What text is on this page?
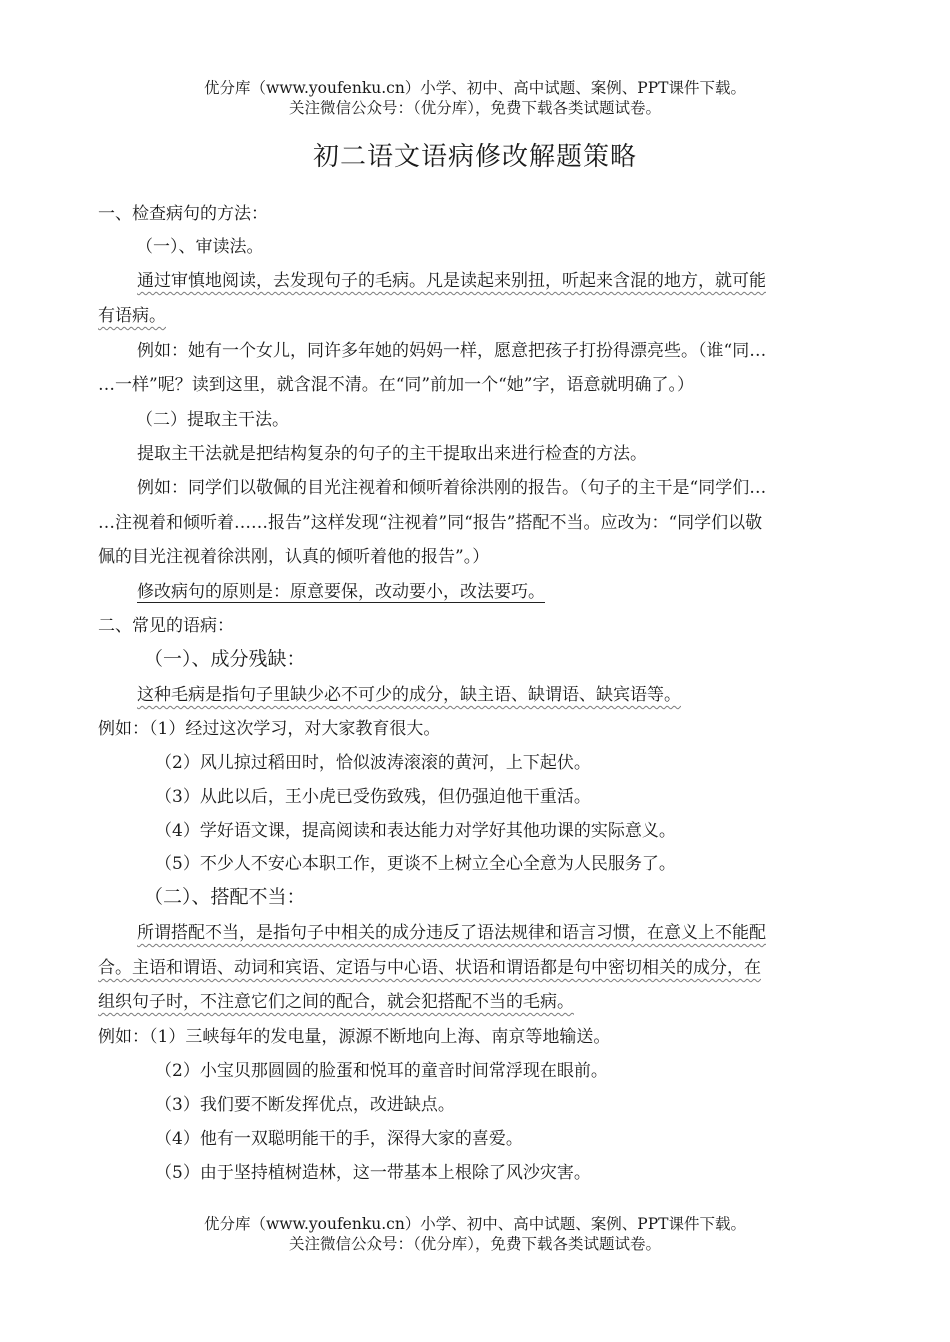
优分库（www.youfenku.cn）小学、初中、高中试题、案例、PPT课件下载。
关注微信公众号：（优分库），免费下载各类试题试卷。
初二语文语病修改解题策略
一、检查病句的方法：
（一）、审读法。
通过审慎地阅读，去发现句子的毛病。凡是读起来别扭，听起来含混的地方，就可能
有语病。
例如：她有一个女儿，同许多年她的妈妈一样，愿意把孩子打扮得漂亮些。（谁“同…
…一样”呢？读到这里，就含混不清。在“同”前加一个“她”字，语意就明确了。）
（二）提取主干法。
提取主干法就是把结构复杂的句子的主干提取出来进行检查的方法。
例如：同学们以敬佩的目光注视着和倾听着徐洪刚的报告。（句子的主干是“同学们…
…注视着和倾听着……报告”这样发现“注视着”同“报告”搭配不当。应改为：“同学们以敬
佩的目光注视着徐洪刚，认真的倾听着他的报告”。）
修改病句的原则是：原意要保，改动要小，改法要巧。
二、常见的语病：
（一）、成分残缺：
这种毛病是指句子里缺少必不可少的成分，缺主语、缺谓语、缺宾语等。
例如：（1）经过这次学习，对大家教育很大。
（2）风儿掠过稻田时，恰似波涛滚滚的黄河，上下起伏。
（3）从此以后，王小虎已受伤致残，但仍强迫他干重活。
（4）学好语文课，提高阅读和表达能力对学好其他功课的实际意义。
（5）不少人不安心本职工作，更谈不上树立全心全意为人民服务了。
（二）、搭配不当：
所谓搭配不当，是指句子中相关的成分违反了语法规律和语言习惯，在意义上不能配
合。主语和谓语、动词和宾语、定语与中心语、状语和谓语都是句中密切相关的成分，在
组织句子时，不注意它们之间的配合，就会犯搭配不当的毛病。
例如：（1）三峡每年的发电量，源源不断地向上海、南京等地输送。
（2）小宝贝那圆圆的脸蛋和悦耳的童音时间常浮现在眼前。
（3）我们要不断发挥优点，改进缺点。
（4）他有一双聪明能干的手，深得大家的喜爱。
（5）由于坚持植树造林，这一带基本上根除了风沙灾害。
优分库（www.youfenku.cn）小学、初中、高中试题、案例、PPT课件下载。
关注微信公众号：（优分库），免费下载各类试题试卷。
